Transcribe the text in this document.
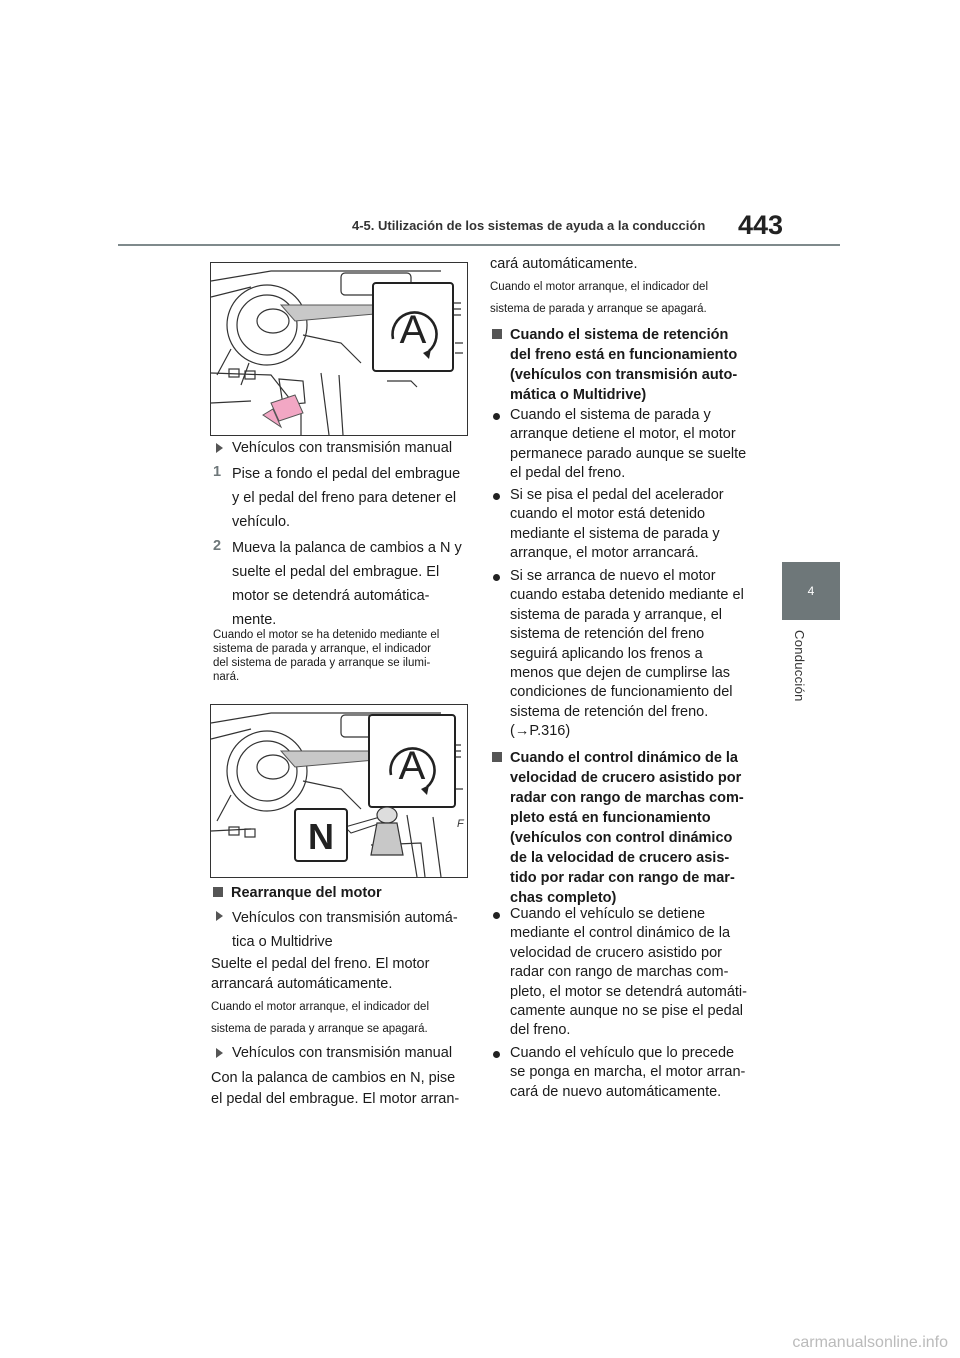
4-5. Utilización de los sistemas de ayuda a la conducción 443
4
Conducción
A
Vehículos con transmisión manual
1 Pise a fondo el pedal del embrague
y el pedal del freno para detener el
vehículo.
2 Mueva la palanca de cambios a N y
suelte el pedal del embrague. El
motor se detendrá automática-
mente.
Cuando el motor se ha detenido mediante el
sistema de parada y arranque, el indicador
del sistema de parada y arranque se ilumi-
nará.
F
A
N
Rearranque del motor
Vehículos con transmisión automá-
tica o Multidrive
Suelte el pedal del freno. El motor
arrancará automáticamente.
Cuando el motor arranque, el indicador del
sistema de parada y arranque se apagará.
Vehículos con transmisión manual
Con la palanca de cambios en N, pise
el pedal del embrague. El motor arran-
cará automáticamente.
Cuando el motor arranque, el indicador del
sistema de parada y arranque se apagará.
Cuando el sistema de retención
del freno está en funcionamiento
(vehículos con transmisión auto-
mática o Multidrive)
Cuando el sistema de parada y
arranque detiene el motor, el motor
permanece parado aunque se suelte
el pedal del freno.
Si se pisa el pedal del acelerador
cuando el motor está detenido
mediante el sistema de parada y
arranque, el motor arrancará.
Si se arranca de nuevo el motor
cuando estaba detenido mediante el
sistema de parada y arranque, el
sistema de retención del freno
seguirá aplicando los frenos a
menos que dejen de cumplirse las
condiciones de funcionamiento del
sistema de retención del freno.
(→P.316)
Cuando el control dinámico de la
velocidad de crucero asistido por
radar con rango de marchas com-
pleto está en funcionamiento
(vehículos con control dinámico
de la velocidad de crucero asis-
tido por radar con rango de mar-
chas completo)
Cuando el vehículo se detiene
mediante el control dinámico de la
velocidad de crucero asistido por
radar con rango de marchas com-
pleto, el motor se detendrá automáti-
camente aunque no se pise el pedal
del freno.
Cuando el vehículo que lo precede
se ponga en marcha, el motor arran-
cará de nuevo automáticamente.
carmanualsonline.info
